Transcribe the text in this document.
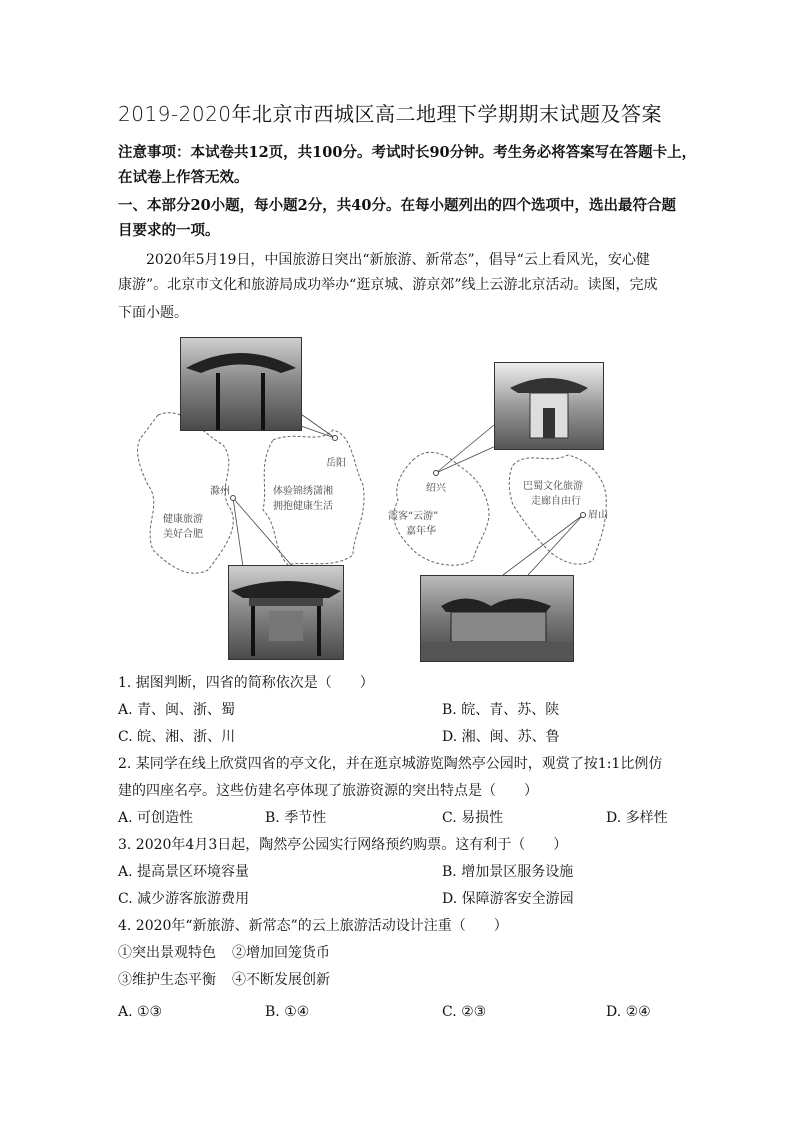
2019-2020年北京市西城区高二地理下学期期末试题及答案
注意事项：本试卷共12页，共100分。考试时长90分钟。考生务必将答案写在答题卡上，
在试卷上作答无效。
一、本部分20小题，每小题2分，共40分。在每小题列出的四个选项中，选出最符合题
目要求的一项。
2020年5月19日，中国旅游日突出“新旅游、新常态”，倡导“云上看风光，安心健
康游”。北京市文化和旅游局成功举办“逛京城、游京郊”线上云游北京活动。读图，完成
下面小题。
滁州
健康旅游
美好合肥
岳阳
体验锦绣潇湘
拥抱健康生活
绍兴
霞客“云游”
嘉年华
眉山
巴蜀文化旅游
走廊自由行
1. 据图判断，四省的简称依次是（　　）
A. 青、闽、浙、蜀	B. 皖、青、苏、陕
C. 皖、湘、浙、川	D. 湘、闽、苏、鲁
2. 某同学在线上欣赏四省的亭文化，并在逛京城游览陶然亭公园时，观赏了按1:1比例仿
建的四座名亭。这些仿建名亭体现了旅游资源的突出特点是（　　）
A. 可创造性	B. 季节性	C. 易损性	D. 多样性
3. 2020年4月3日起，陶然亭公园实行网络预约购票。这有利于（　　）
A. 提高景区环境容量	B. 增加景区服务设施
C. 减少游客旅游费用	D. 保障游客安全游园
4. 2020年“新旅游、新常态”的云上旅游活动设计注重（　　）
①突出景观特色 ②增加回笼货币
③维护生态平衡 ④不断发展创新
A. ①③	B. ①④	C. ②③	D. ②④
